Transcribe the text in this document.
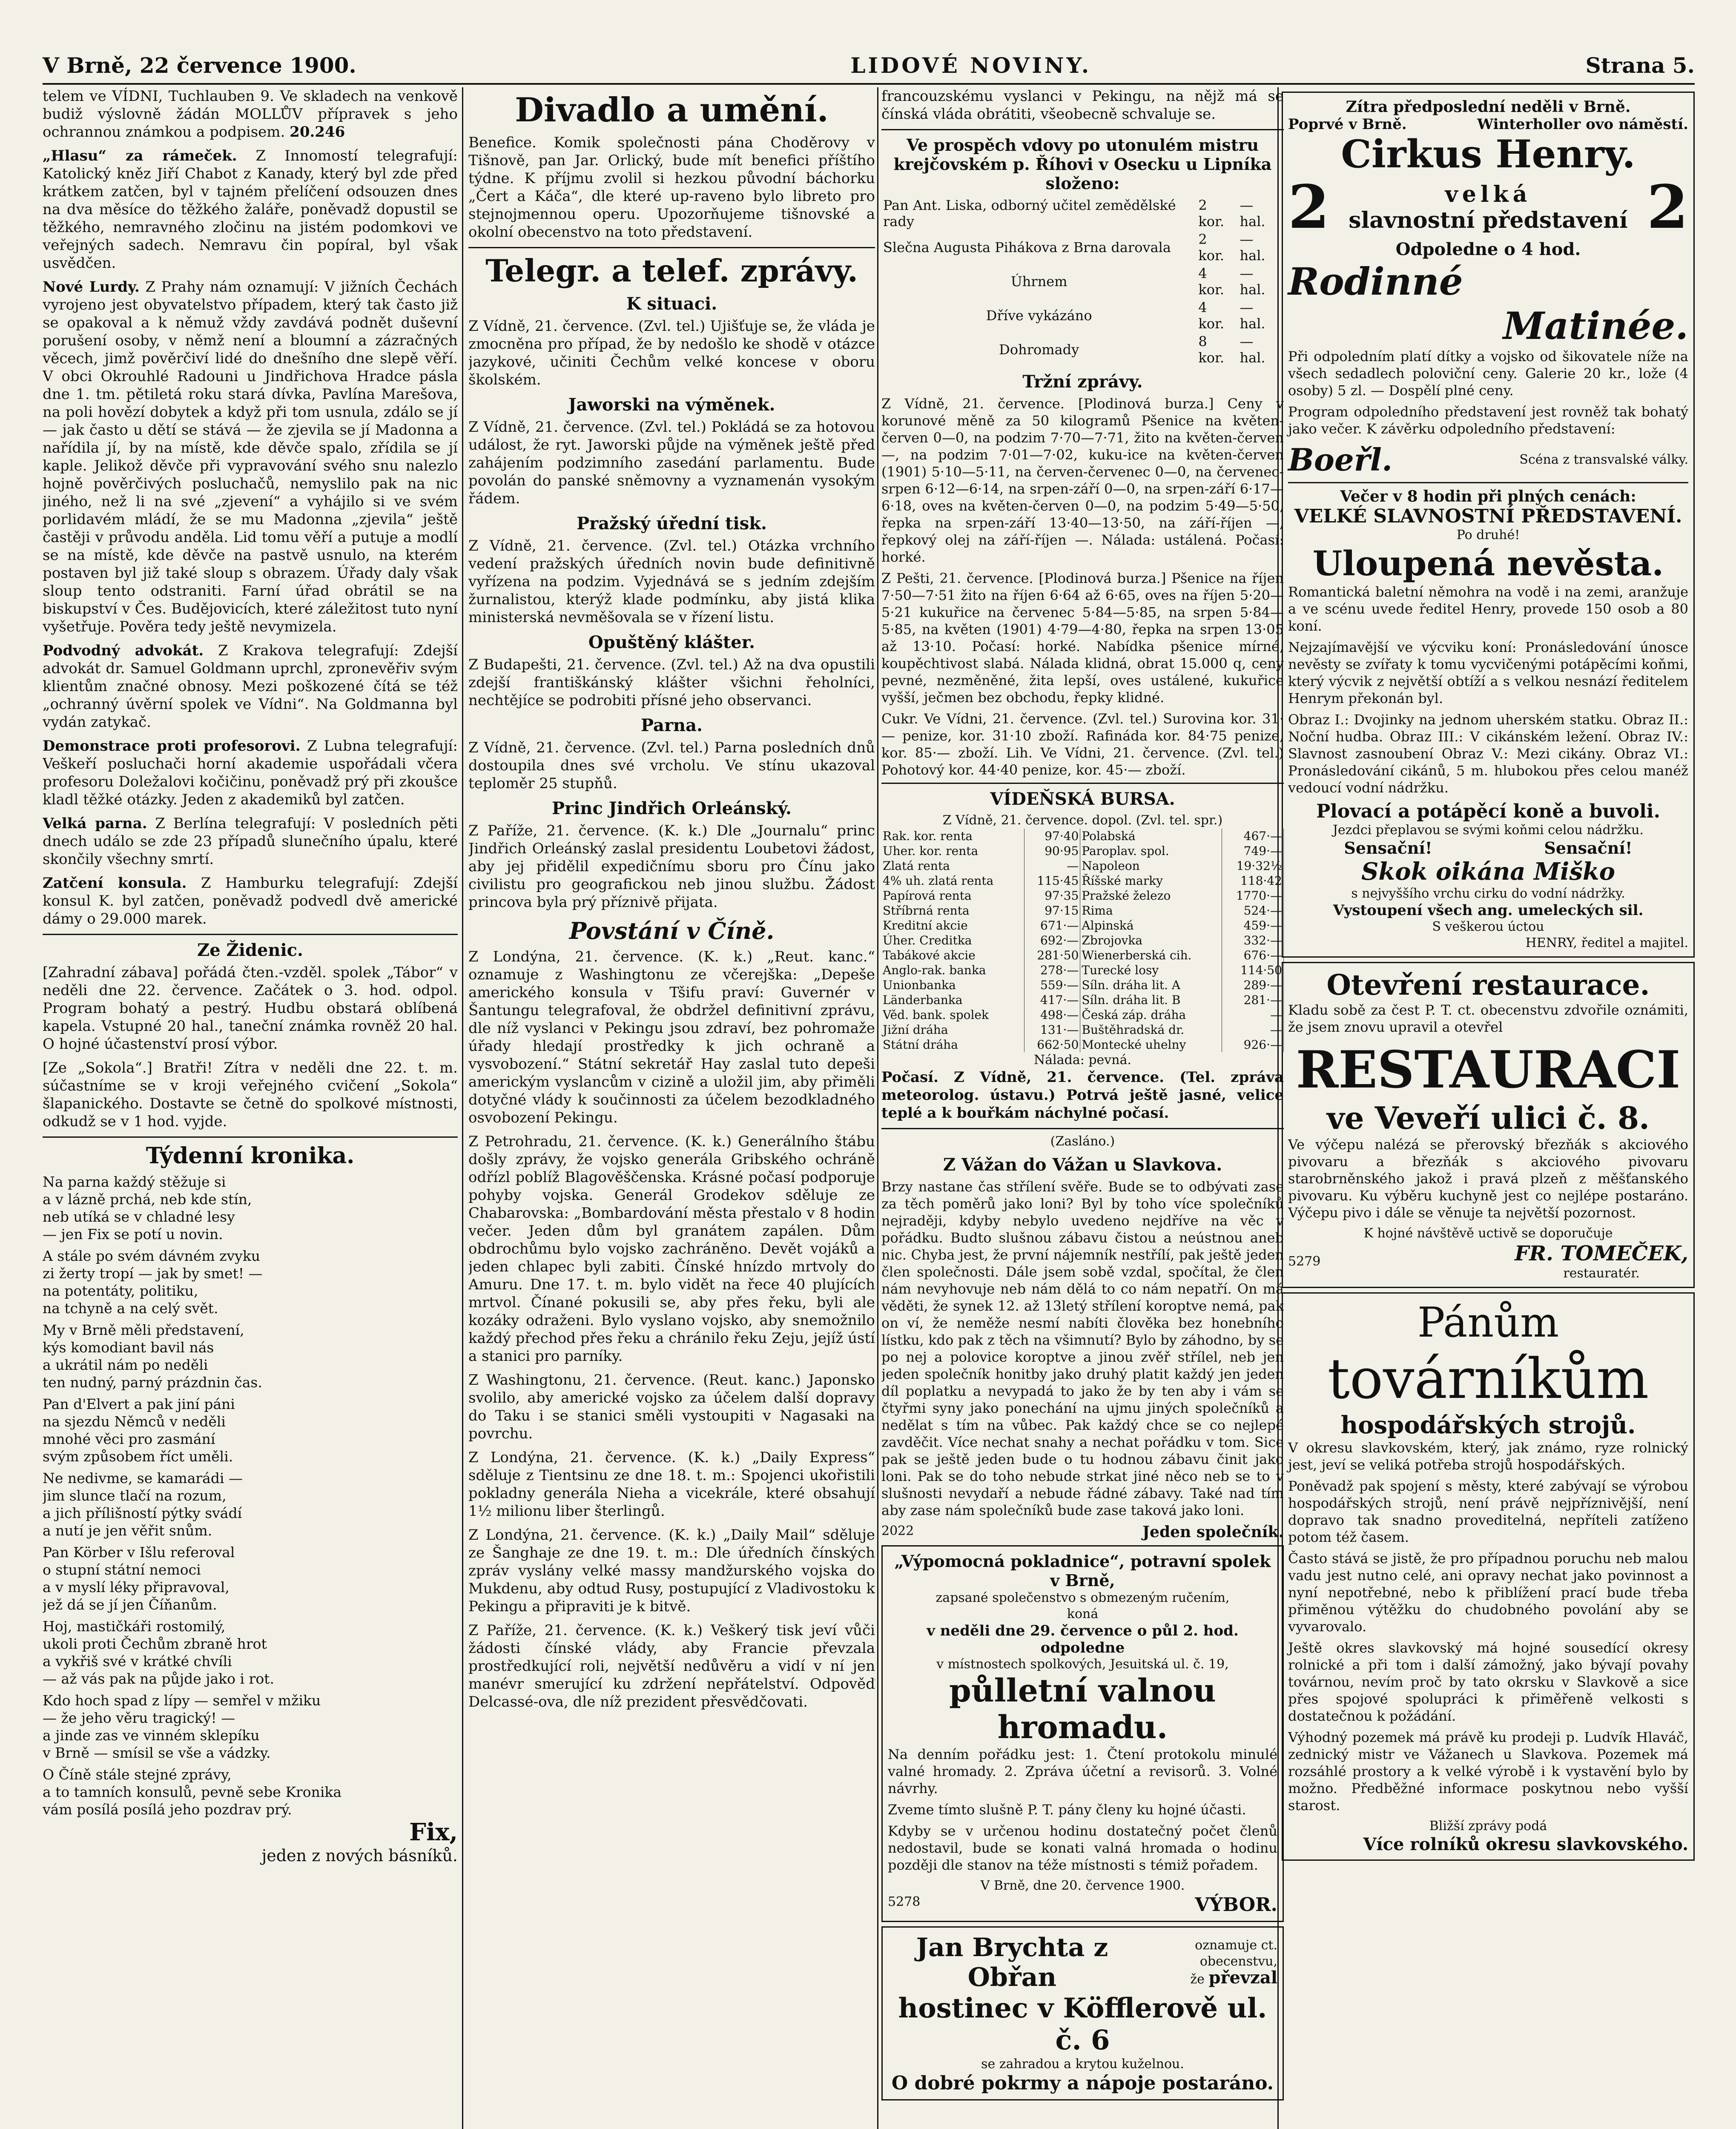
V Brně, 22 července 1900.	LIDOVÉ NOVINY.	Strana 5.

telem ve VÍDNI, Tuchlauben 9. Ve skladech na venkově budiž výslovně žádán MOLLŮV přípravek s jeho ochrannou známkou a podpisem. 20.246

„Hlasu“ za rámeček. Z Innomostí telegrafují: Katolický kněz Jiří Chabot z Kanady, který byl zde před krátkem zatčen, byl v tajném přelíčení odsouzen dnes na dva měsíce do těžkého žaláře, poněvadž dopustil se těžkého, nemravného zločinu na jistém podomkovi ve veřejných sadech. Nemravu čin popíral, byl však usvědčen.

Nové Lurdy. Z Prahy nám oznamují: V jižních Čechách vyrojeno jest obyvatelstvo případem, který tak často již se opakoval a k němuž vždy zavdává podnět duševní porušení osoby, v němž není a bloumní a zázračných věcech, jimž pověrčiví lidé do dnešního dne slepě věří. V obci Okrouhlé Radouni u Jindřichova Hradce pásla dne 1. tm. pětiletá roku stará dívka, Pavlína Marešova, na poli hovězí dobytek a když při tom usnula, zdálo se jí — jak často u dětí se stává — že zjevila se jí Madonna a nařídila jí, by na místě, kde děvče spalo, zřídila se jí kaple. Jelikož děvče při vypravování svého snu nalezlo hojně pověrčivých posluchačů, nemyslilo pak na nic jiného, než li na své „zjevení“ a vyhájilo si ve svém porlidavém mládí, že se mu Madonna „zjevila“ ještě častěji v průvodu anděla. Lid tomu věří a putuje a modlí se na místě, kde děvče na pastvě usnulo, na kterém postaven byl již také sloup s obrazem. Úřady daly však sloup tento odstraniti. Farní úřad obrátil se na biskupství v Čes. Budějovicích, které záležitost tuto nyní vyšetřuje. Pověra tedy ještě nevymizela.

Podvodný advokát. Z Krakova telegrafují: Zdejší advokát dr. Samuel Goldmann uprchl, zpronevěřiv svým klientům značné obnosy. Mezi poškozené čítá se též „ochranný úvěrní spolek ve Vídni“. Na Goldmanna byl vydán zatykač.

Demonstrace proti profesorovi. Z Lubna telegrafují: Veškeří posluchači horní akademie uspořádali včera profesoru Doležalovi kočičinu, poněvadž prý při zkoušce kladl těžké otázky. Jeden z akademiků byl zatčen.

Velká parna. Z Berlína telegrafují: V posledních pěti dnech událo se zde 23 případů slunečního úpalu, které skončily všechny smrtí.

Zatčení konsula. Z Hamburku telegrafují: Zdejší konsul K. byl zatčen, poněvadž podvedl dvě americké dámy o 29.000 marek.

Ze Židenic.

[Zahradní zábava] pořádá čten.-vzděl. spolek „Tábor“ v neděli dne 22. července. Začátek o 3. hod. odpol. Program bohatý a pestrý. Hudbu obstará oblíbená kapela. Vstupné 20 hal., taneční známka rovněž 20 hal. O hojné účastenství prosí výbor.

[Ze „Sokola“.] Bratři! Zítra v neděli dne 22. t. m. súčastníme se v kroji veřejného cvičení „Sokola“ šlapanického. Dostavte se četně do spolkové místnosti, odkudž se v 1 hod. vyjde.

Týdenní kronika.

Na parna každý stěžuje si

a v lázně prchá, neb kde stín,

neb utíká se v chladné lesy

— jen Fix se potí u novin.

A stále po svém dávném zvyku

zi žerty tropí — jak by smet! —

na potentáty, politiku,

na tchyně a na celý svět.

My v Brně měli představení,

kýs komodiant bavil nás

a ukrátil nám po neděli

ten nudný, parný prázdnin čas.

Pan d'Elvert a pak jiní páni

na sjezdu Němců v neděli

mnohé věci pro zasmání

svým způsobem říct uměli.

Ne nedivme, se kamarádi —

jim slunce tlačí na rozum,

a jich přílišností pýtky svádí

a nutí je jen věřit snům.

Pan Körber v Išlu referoval

o stupní státní nemoci

a v myslí léky připravoval,

jež dá se jí jen Číňanům.

Hoj, mastičkáři rostomilý,

ukoli proti Čechům zbraně hrot

a vykřiš své v krátké chvíli

— až vás pak na půjde jako i rot.

Kdo hoch spad z lípy — semřel v mžiku

— že jeho věru tragický! —

a jinde zas ve vinném sklepíku

v Brně — smísil se vše a vádzky.

O Číně stále stejné zprávy,

a to tamních konsulů, pevně sebe Kronika

vám posílá posílá jeho pozdrav prý.

Fix,
jeden z nových básníků.
Divadlo a umění.

Benefice. Komik společnosti pána Choděrovy v Tišnově, pan Jar. Orlický, bude mít benefici příštího týdne. K příjmu zvolil si hezkou původní báchorku „Čert a Káča“, dle které up-raveno bylo libreto pro stejnojmennou operu. Upozorňujeme tišnovské a okolní obecenstvo na toto představení.

Telegr. a telef. zprávy.
K situaci.

Z Vídně, 21. července. (Zvl. tel.) Ujišťuje se, že vláda je zmocněna pro případ, že by nedošlo ke shodě v otázce jazykové, učiniti Čechům velké koncese v oboru školském.

Jaworski na výměnek.

Z Vídně, 21. července. (Zvl. tel.) Pokládá se za hotovou událost, že ryt. Jaworski půjde na výměnek ještě před zahájením podzimního zasedání parlamentu. Bude povolán do panské sněmovny a vyznamenán vysokým řádem.

Pražský úřední tisk.

Z Vídně, 21. července. (Zvl. tel.) Otázka vrchního vedení pražských úředních novin bude definitivně vyřízena na podzim. Vyjednává se s jedním zdejším žurnalistou, kterýž klade podmínku, aby jistá klika ministerská nevměšovala se v řízení listu.

Opuštěný klášter.

Z Budapešti, 21. července. (Zvl. tel.) Až na dva opustili zdejší františkánský klášter všichni řeholníci, nechtějíce se podrobiti přísné jeho observanci.

Parna.

Z Vídně, 21. července. (Zvl. tel.) Parna posledních dnů dostoupila dnes své vrcholu. Ve stínu ukazoval teploměr 25 stupňů.

Princ Jindřich Orleánský.

Z Paříže, 21. července. (K. k.) Dle „Journalu“ princ Jindřich Orleánský zaslal presidentu Loubetovi žádost, aby jej přidělil expedičnímu sboru pro Čínu jako civilistu pro geografickou neb jinou službu. Žádost princova byla prý příznivě přijata.

Povstání v Číně.

Z Londýna, 21. července. (K. k.) „Reut. kanc.“ oznamuje z Washingtonu ze včerejška: „Depeše amerického konsula v Tšifu praví: Guvernér v Šantungu telegrafoval, že obdržel definitivní zprávu, dle níž vyslanci v Pekingu jsou zdraví, bez pohromaže úřady hledají prostředky k jich ochraně a vysvobození.“ Státní sekretář Hay zaslal tuto depeši americkým vyslancům v cizině a uložil jim, aby přiměli dotyčné vlády k součinnosti za účelem bezodkladného osvobození Pekingu.

Z Petrohradu, 21. července. (K. k.) Generálního štábu došly zprávy, že vojsko generála Gribského ochráně odřízl poblíž Blagověščenska. Krásné počasí podporuje pohyby vojska. Generál Grodekov sděluje ze Chabarovska: „Bombardování města přestalo v 8 hodin večer. Jeden dům byl granátem zapálen. Dům obdrochůmu bylo vojsko zachráněno. Devět vojáků a jeden chlapec byli zabiti. Čínské hnízdo mrtvoly do Amuru. Dne 17. t. m. bylo vidět na řece 40 plujících mrtvol. Čínané pokusili se, aby přes řeku, byli ale kozáky odraženi. Bylo vyslano vojsko, aby snemožnilo každý přechod přes řeku a chránilo řeku Zeju, jejíž ústí a stanici pro parníky.

Z Washingtonu, 21. července. (Reut. kanc.) Japonsko svolilo, aby americké vojsko za účelem další dopravy do Taku i se stanici směli vystoupiti v Nagasaki na povrchu.

Z Londýna, 21. července. (K. k.) „Daily Express“ sděluje z Tientsinu ze dne 18. t. m.: Spojenci ukořistili pokladny generála Nieha a vicekrále, které obsahují 1½ milionu liber šterlingů.

Z Londýna, 21. července. (K. k.) „Daily Mail“ sděluje ze Šanghaje ze dne 19. t. m.: Dle úředních čínských zpráv vyslány velké massy mandžurského vojska do Mukdenu, aby odtud Rusy, postupující z Vladivostoku k Pekingu a připraviti je k bitvě.

Z Paříže, 21. července. (K. k.) Veškerý tisk jeví vůči žádosti čínské vlády, aby Francie převzala prostředkující roli, největší nedůvěru a vidí v ní jen manévr smerující ku zdržení nepřátelství. Odpověď Delcassé-ova, dle níž prezident přesvědčovati.

francouzskému vyslanci v Pekingu, na nějž má se čínská vláda obrátiti, všeobecně schvaluje se.

Ve prospěch vdovy po utonulém mistru krejčovském p. Říhovi v Osecku u Lipníka složeno:
Pan Ant. Liska, odborný učitel zemědělské rady	2 kor.	— hal.
Slečna Augusta Pihákova z Brna darovala	2 kor.	— hal.
Úhrnem	4 kor.	— hal.
Dříve vykázáno	4 kor.	— hal.
Dohromady	8 kor.	— hal.
Tržní zprávy.

Z Vídně, 21. července. [Plodinová burza.] Ceny v korunové měně za 50 kilogramů Pšenice na květen-červen 0—0, na podzim 7·70—7·71, žito na květen-červen —, na podzim 7·01—7·02, kuku-ice na květen-červen (1901) 5·10—5·11, na červen-červenec 0—0, na červenec-srpen 6·12—6·14, na srpen-září 0—0, na srpen-září 6·17—6·18, oves na květen-červen 0—0, na podzim 5·49—5·50, řepka na srpen-září 13·40—13·50, na září-říjen —, řepkový olej na září-říjen —. Nálada: ustálená. Počasí: horké.

Z Pešti, 21. července. [Plodinová burza.] Pšenice na říjen 7·50—7·51 žito na říjen 6·64 až 6·65, oves na říjen 5·20—5·21 kukuřice na červenec 5·84—5·85, na srpen 5·84—5·85, na květen (1901) 4·79—4·80, řepka na srpen 13·05 až 13·10. Počasí: horké. Nabídka pšenice mírné, koupěchtivost slabá. Nálada klidná, obrat 15.000 q, ceny pevné, nezměněné, žita lepší, oves ustálené, kukuřice vyšší, ječmen bez obchodu, řepky klidné.

Cukr. Ve Vídni, 21. července. (Zvl. tel.) Surovina kor. 31·— penize, kor. 31·10 zboží. Rafináda kor. 84·75 penize, kor. 85·— zboží. Lih. Ve Vídni, 21. července. (Zvl. tel.) Pohotový kor. 44·40 penize, kor. 45·— zboží.

VÍDEŇSKÁ BURSA.
Z Vídně, 21. července. dopol. (Zvl. tel. spr.)
Rak. kor. renta	97·40	Polabská	467·—
Uher. kor. renta	90·95	Paroplav. spol.	749·—
Zlatá renta	—	Napoleon	19·32½
4% uh. zlatá renta	115·45	Říšské marky	118·42
Papírová renta	97·35	Pražské železo	1770·—
Stříbrná renta	97·15	Rima	524·—
Kreditní akcie	671·—	Alpinská	459·—
Úher. Creditka	692·—	Zbrojovka	332·—
Tabákové akcie	281·50	Wienerberská cih.	676·—
Anglo-rak. banka	278·—	Turecké losy	114·50
Unionbanka	559·—	Síln. dráha lit. A	289·—
Länderbanka	417·—	Síln. dráha lit. B	281·—
Věd. bank. spolek	498·—	Česká záp. dráha	—
Jižní dráha	131·—	Buštěhradská dr.	—
Státní dráha	662·50	Montecké uhelny	926·—
Nálada: pevná.

Počasí. Z Vídně, 21. července. (Tel. zpráva meteorolog. ústavu.) Potrvá ještě jasné, velice teplé a k bouřkám náchylné počasí.

(Zasláno.)
Z Vážan do Vážan u Slavkova.

Brzy nastane čas střílení svěře. Bude se to odbývati zase za těch poměrů jako loni? Byl by toho více společníků nejraději, kdyby nebylo uvedeno nejdříve na věc v pořádku. Budto slušnou zábavu čistou a neústnou aneb nic. Chyba jest, že první nájemník nestřílí, pak ještě jeden člen společnosti. Dále jsem sobě vzdal, spočítal, že člen nám nevyhovuje neb nám dělá to co nám nepatří. On má věděti, že synek 12. až 13letý střílení koroptve nemá, pak on ví, že neměže nesmí nabíti člověka bez honebního lístku, kdo pak z těch na všimnutí? Bylo by záhodno, by se po nej a polovice koroptve a jinou zvěř střílel, neb jen jeden společník honitby jako druhý platit každý jen jeden díl poplatku a nevypadá to jako že by ten aby i vám se čtyřmi syny jako ponechání na ujmu jiných společníků a nedělat s tím na vůbec. Pak každý chce se co nejlepé zavděčit. Více nechat snahy a nechat pořádku v tom. Sice pak se ještě jeden bude o tu hodnou zábavu činit jako loni. Pak se do toho nebude strkat jiné něco neb se to v slušnosti nevydaří a nebude řádné zábavy. Také nad tím aby zase nám společníků bude zase taková jako loni.

2022	Jeden společník.
„Výpomocná pokladnice“, potravní spolek v Brně,
zapsané společenstvo s obmezeným ručením,
koná
v neděli dne 29. července o půl 2. hod. odpoledne
v místnostech spolkových, Jesuitská ul. č. 19,
půlletní valnou hromadu.

Na denním pořádku jest: 1. Čtení protokolu minulé valné hromady. 2. Zpráva účetní a revisorů. 3. Volné návrhy.

Zveme tímto slušně P. T. pány členy ku hojné účasti.

Kdyby se v určenou hodinu dostatečný počet členů nedostavil, bude se konati valná hromada o hodinu později dle stanov na téže místnosti s témiž pořadem.

V Brně, dne 20. července 1900.
5278	VÝBOR.
Jan Brychta z Obřan
oznamuje ct. obecenstvu,
že převzal
hostinec v Köfflerově ul. č. 6
se zahradou a krytou kuželnou.
O dobré pokrmy a nápoje postaráno.
Zítra předposlední neděli v Brně.
Poprvé v Brně.	Winterholler ovo náměstí.
Cirkus Henry.
2	velká
slavnostní představení 2
Odpoledne o 4 hod.
Rodinné
Matinée.

Při odpoledním platí dítky a vojsko od šikovatele níže na všech sedadlech poloviční ceny. Galerie 20 kr., lože (4 osoby) 5 zl. — Dospělí plné ceny.

Program odpoledního představení jest rovněž tak bohatý jako večer. K závěrku odpoledního představení:

Boeřl.	Scéna z transvalské války.
Večer v 8 hodin při plných cenách:
VELKÉ SLAVNOSTNÍ PŘEDSTAVENÍ.
Po druhé!
Uloupená nevěsta.

Romantická baletní němohra na vodě i na zemi, aranžuje a ve scénu uvede ředitel Henry, provede 150 osob a 80 koní.

Nejzajímavější ve výcviku koní: Pronásledování únosce nevěsty se zvířaty k tomu vycvičenými potápěcími koňmi, který výcvik z největší obtíží a s velkou nesnází ředitelem Henrym překonán byl.

Obraz I.: Dvojinky na jednom uherském statku. Obraz II.: Noční hudba. Obraz III.: V cikánském ležení. Obraz IV.: Slavnost zasnoubení Obraz V.: Mezi cikány. Obraz VI.: Pronásledování cikánů, 5 m. hlubokou přes celou manéž vedoucí vodní nádržku.

Plovací a potápěcí koně a buvoli.
Jezdci přeplavou se svými koňmi celou nádržku.
Sensační!	Sensační!
Skok oikána Miško
s nejvyššího vrchu cirku do vodní nádržky.
Vystoupení všech ang. umeleckých sil.
S veškerou úctou
HENRY, ředitel a majitel.
Otevření restaurace.

Kladu sobě za čest P. T. ct. obecenstvu zdvořile oznámiti, že jsem znovu upravil a otevřel

RESTAURACI
ve Veveří ulici č. 8.

Ve výčepu nalézá se přerovský březňák s akciového pivovaru a březňák s akciového pivovaru starobrněnského jakož i pravá plzeň z měšťanského pivovaru. Ku výběru kuchyně jest co nejlépe postaráno. Výčepu pivo i dále se věnuje ta největší pozornost.

K hojné návštěvě uctivě se doporučuje
5279	FR. TOMEČEK,
restauratér.
Pánům
továrníkům
hospodářských strojů.

V okresu slavkovském, který, jak známo, ryze rolnický jest, jeví se veliká potřeba strojů hospodářských.

Poněvadž pak spojení s městy, které zabývají se výrobou hospodářských strojů, není právě nejpříznivější, není dopravo tak snadno proveditelná, nepříteli zatíženo potom též časem.

Často stává se jistě, že pro případnou poruchu neb malou vadu jest nutno celé, ani opravy nechat jako povinnost a nyní nepotřebné, nebo k přiblížení prací bude třeba přiměnou výtěžku do chudobného povolání aby se vyvarovalo.

Ještě okres slavkovský má hojné sousedící okresy rolnické a při tom i další zámožný, jako bývají povahy továrnou, nevím proč by tato okrsku v Slavkově a sice přes spojové spolupráci k přiměřeně velkosti s dostatečnou k požádání.

Výhodný pozemek má právě ku prodeji p. Ludvík Hlaváč, zednický mistr ve Vážanech u Slavkova. Pozemek má rozsáhlé prostory a k velké výrobě i k vystavění bylo by možno. Předběžné informace poskytnou nebo vyšší starost.

Bližší zprávy podá
Více rolníků okresu slavkovského.
